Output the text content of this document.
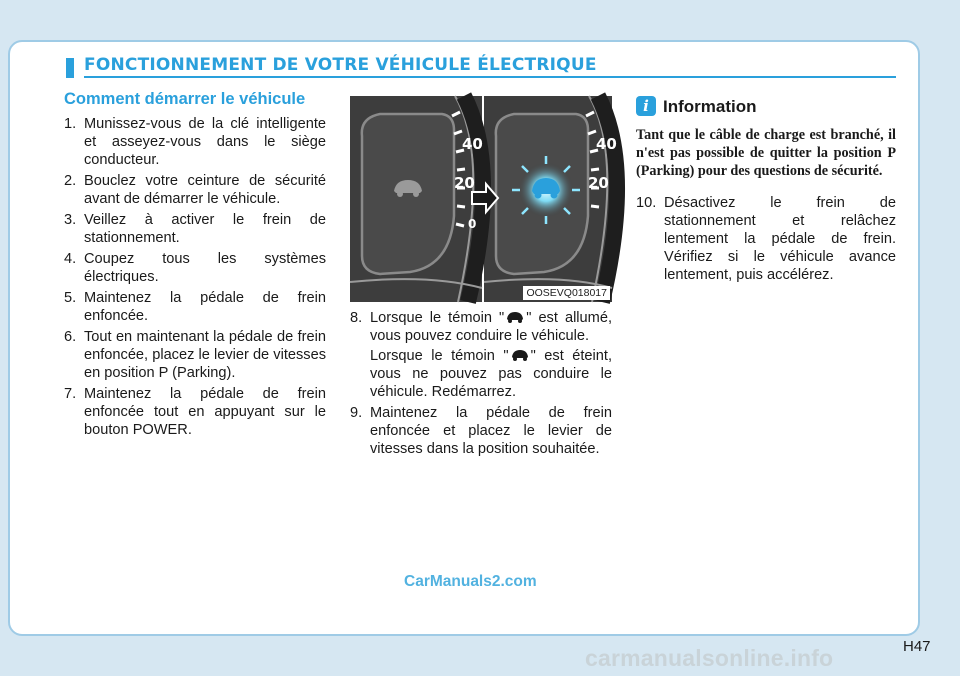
FONCTIONNEMENT DE VOTRE VÉHICULE ÉLECTRIQUE
Comment démarrer le véhicule
1. Munissez-vous de la clé intelligente et asseyez-vous dans le siège conducteur.
2. Bouclez votre ceinture de sécurité avant de démarrer le véhicule.
3. Veillez à activer le frein de stationnement.
4. Coupez tous les systèmes électriques.
5. Maintenez la pédale de frein enfoncée.
6. Tout en maintenant la pédale de frein enfoncée, placez le levier de vitesses en position P (Parking).
7. Maintenez la pédale de frein enfoncée tout en appuyant sur le bouton POWER.
40
20
0
40
20
OOSEVQ018017
8. Lorsque le témoin " " est allumé, vous pouvez conduire le véhicule.
Lorsque le témoin " " est éteint, vous ne pouvez pas conduire le véhicule. Redémarrez.
9. Maintenez la pédale de frein enfoncée et placez le levier de vitesses dans la position souhaitée.
i Information

Tant que le câble de charge est branché, il n'est pas possible de quitter la position P (Parking) pour des questions de sécurité.

10. Désactivez le frein de stationnement et relâchez lentement la pédale de frein. Vérifiez si le véhicule avance lentement, puis accélérez.
CarManuals2.com
H47
carmanualsonline.info
